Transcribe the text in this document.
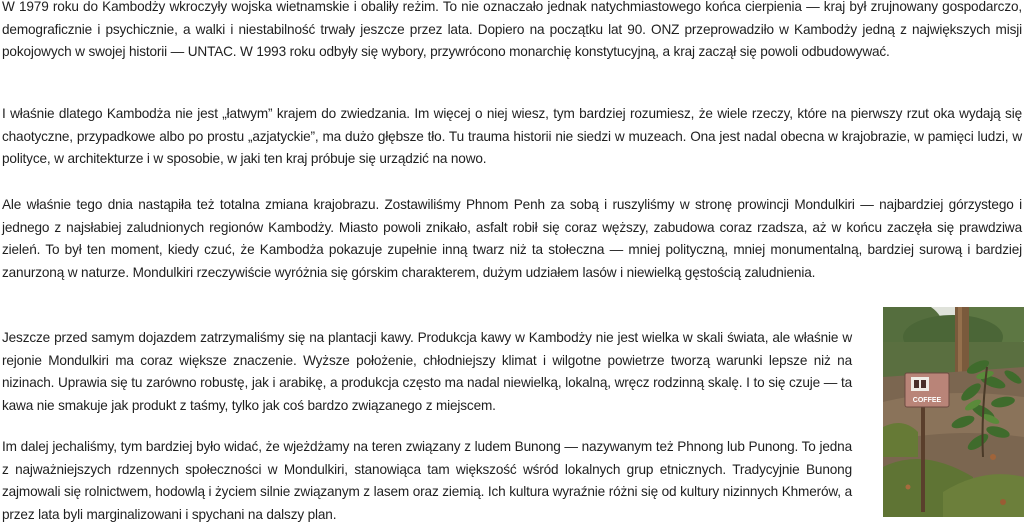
W 1979 roku do Kambodży wkroczyły wojska wietnamskie i obaliły reżim. To nie oznaczało jednak natychmiastowego końca cierpienia — kraj był zrujnowany gospodarczo, demograficznie i psychicznie, a walki i niestabilność trwały jeszcze przez lata. Dopiero na początku lat 90. ONZ przeprowadziło w Kambodży jedną z największych misji pokojowych w swojej historii — UNTAC. W 1993 roku odbyły się wybory, przywrócono monarchię konstytucyjną, a kraj zaczął się powoli odbudowywać.

I właśnie dlatego Kambodża nie jest „łatwym” krajem do zwiedzania. Im więcej o niej wiesz, tym bardziej rozumiesz, że wiele rzeczy, które na pierwszy rzut oka wydają się chaotyczne, przypadkowe albo po prostu „azjatyckie”, ma dużo głębsze tło. Tu trauma historii nie siedzi w muzeach. Ona jest nadal obecna w krajobrazie, w pamięci ludzi, w polityce, w architekturze i w sposobie, w jaki ten kraj próbuje się urządzić na nowo.

Ale właśnie tego dnia nastąpiła też totalna zmiana krajobrazu. Zostawiliśmy Phnom Penh za sobą i ruszyliśmy w stronę prowincji Mondulkiri — najbardziej górzystego i jednego z najsłabiej zaludnionych regionów Kambodży. Miasto powoli znikało, asfalt robił się coraz węższy, zabudowa coraz rzadsza, aż w końcu zaczęła się prawdziwa zieleń. To był ten moment, kiedy czuć, że Kambodża pokazuje zupełnie inną twarz niż ta stołeczna — mniej polityczną, mniej monumentalną, bardziej surową i bardziej zanurzoną w naturze. Mondulkiri rzeczywiście wyróżnia się górskim charakterem, dużym udziałem lasów i niewielką gęstością zaludnienia.

Jeszcze przed samym dojazdem zatrzymaliśmy się na plantacji kawy. Produkcja kawy w Kambodży nie jest wielka w skali świata, ale właśnie w rejonie Mondulkiri ma coraz większe znaczenie. Wyższe położenie, chłodniejszy klimat i wilgotne powietrze tworzą warunki lepsze niż na nizinach. Uprawia się tu zarówno robustę, jak i arabikę, a produkcja często ma nadal niewielką, lokalną, wręcz rodzinną skalę. I to się czuje — ta kawa nie smakuje jak produkt z taśmy, tylko jak coś bardzo związanego z miejscem.

Im dalej jechaliśmy, tym bardziej było widać, że wjeżdżamy na teren związany z ludem Bunong — nazywanym też Phnong lub Punong. To jedna z najważniejszych rdzennych społeczności w Mondulkiri, stanowiąca tam większość wśród lokalnych grup etnicznych. Tradycyjnie Bunong zajmowali się rolnictwem, hodowlą i życiem silnie związanym z lasem oraz ziemią. Ich kultura wyraźnie różni się od kultury nizinnych Khmerów, a przez lata byli marginalizowani i spychani na dalszy plan.

COFFEE
